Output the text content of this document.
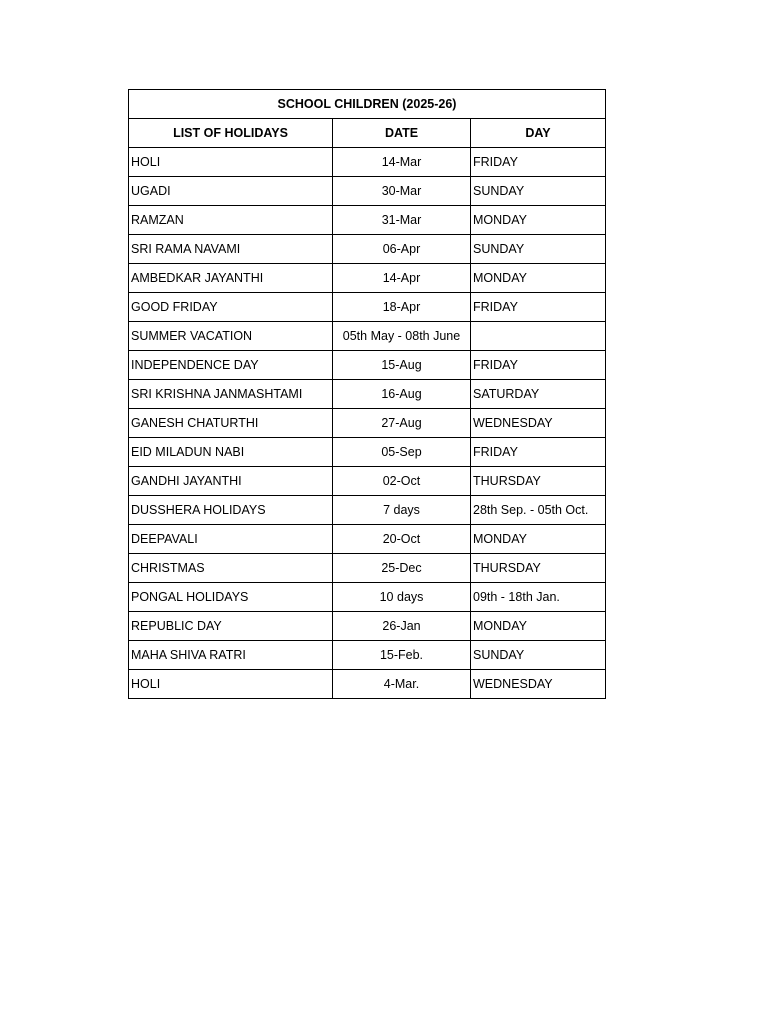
SCHOOL CHILDREN (2025-26)		
LIST OF HOLIDAYS	DATE	DAY
HOLI	14-Mar	FRIDAY
UGADI	30-Mar	SUNDAY
RAMZAN	31-Mar	MONDAY
SRI RAMA NAVAMI	06-Apr	SUNDAY
AMBEDKAR JAYANTHI	14-Apr	MONDAY
GOOD FRIDAY	18-Apr	FRIDAY
SUMMER VACATION	05th May - 08th June	
INDEPENDENCE DAY	15-Aug	FRIDAY
SRI KRISHNA JANMASHTAMI	16-Aug	SATURDAY
GANESH CHATURTHI	27-Aug	WEDNESDAY
EID MILADUN NABI	05-Sep	FRIDAY
GANDHI JAYANTHI	02-Oct	THURSDAY
DUSSHERA HOLIDAYS	7 days	28th Sep. - 05th Oct.
DEEPAVALI	20-Oct	MONDAY
CHRISTMAS	25-Dec	THURSDAY
PONGAL HOLIDAYS	10 days	09th - 18th Jan.
REPUBLIC DAY	26-Jan	MONDAY
MAHA SHIVA RATRI	15-Feb.	SUNDAY
HOLI	4-Mar.	WEDNESDAY
